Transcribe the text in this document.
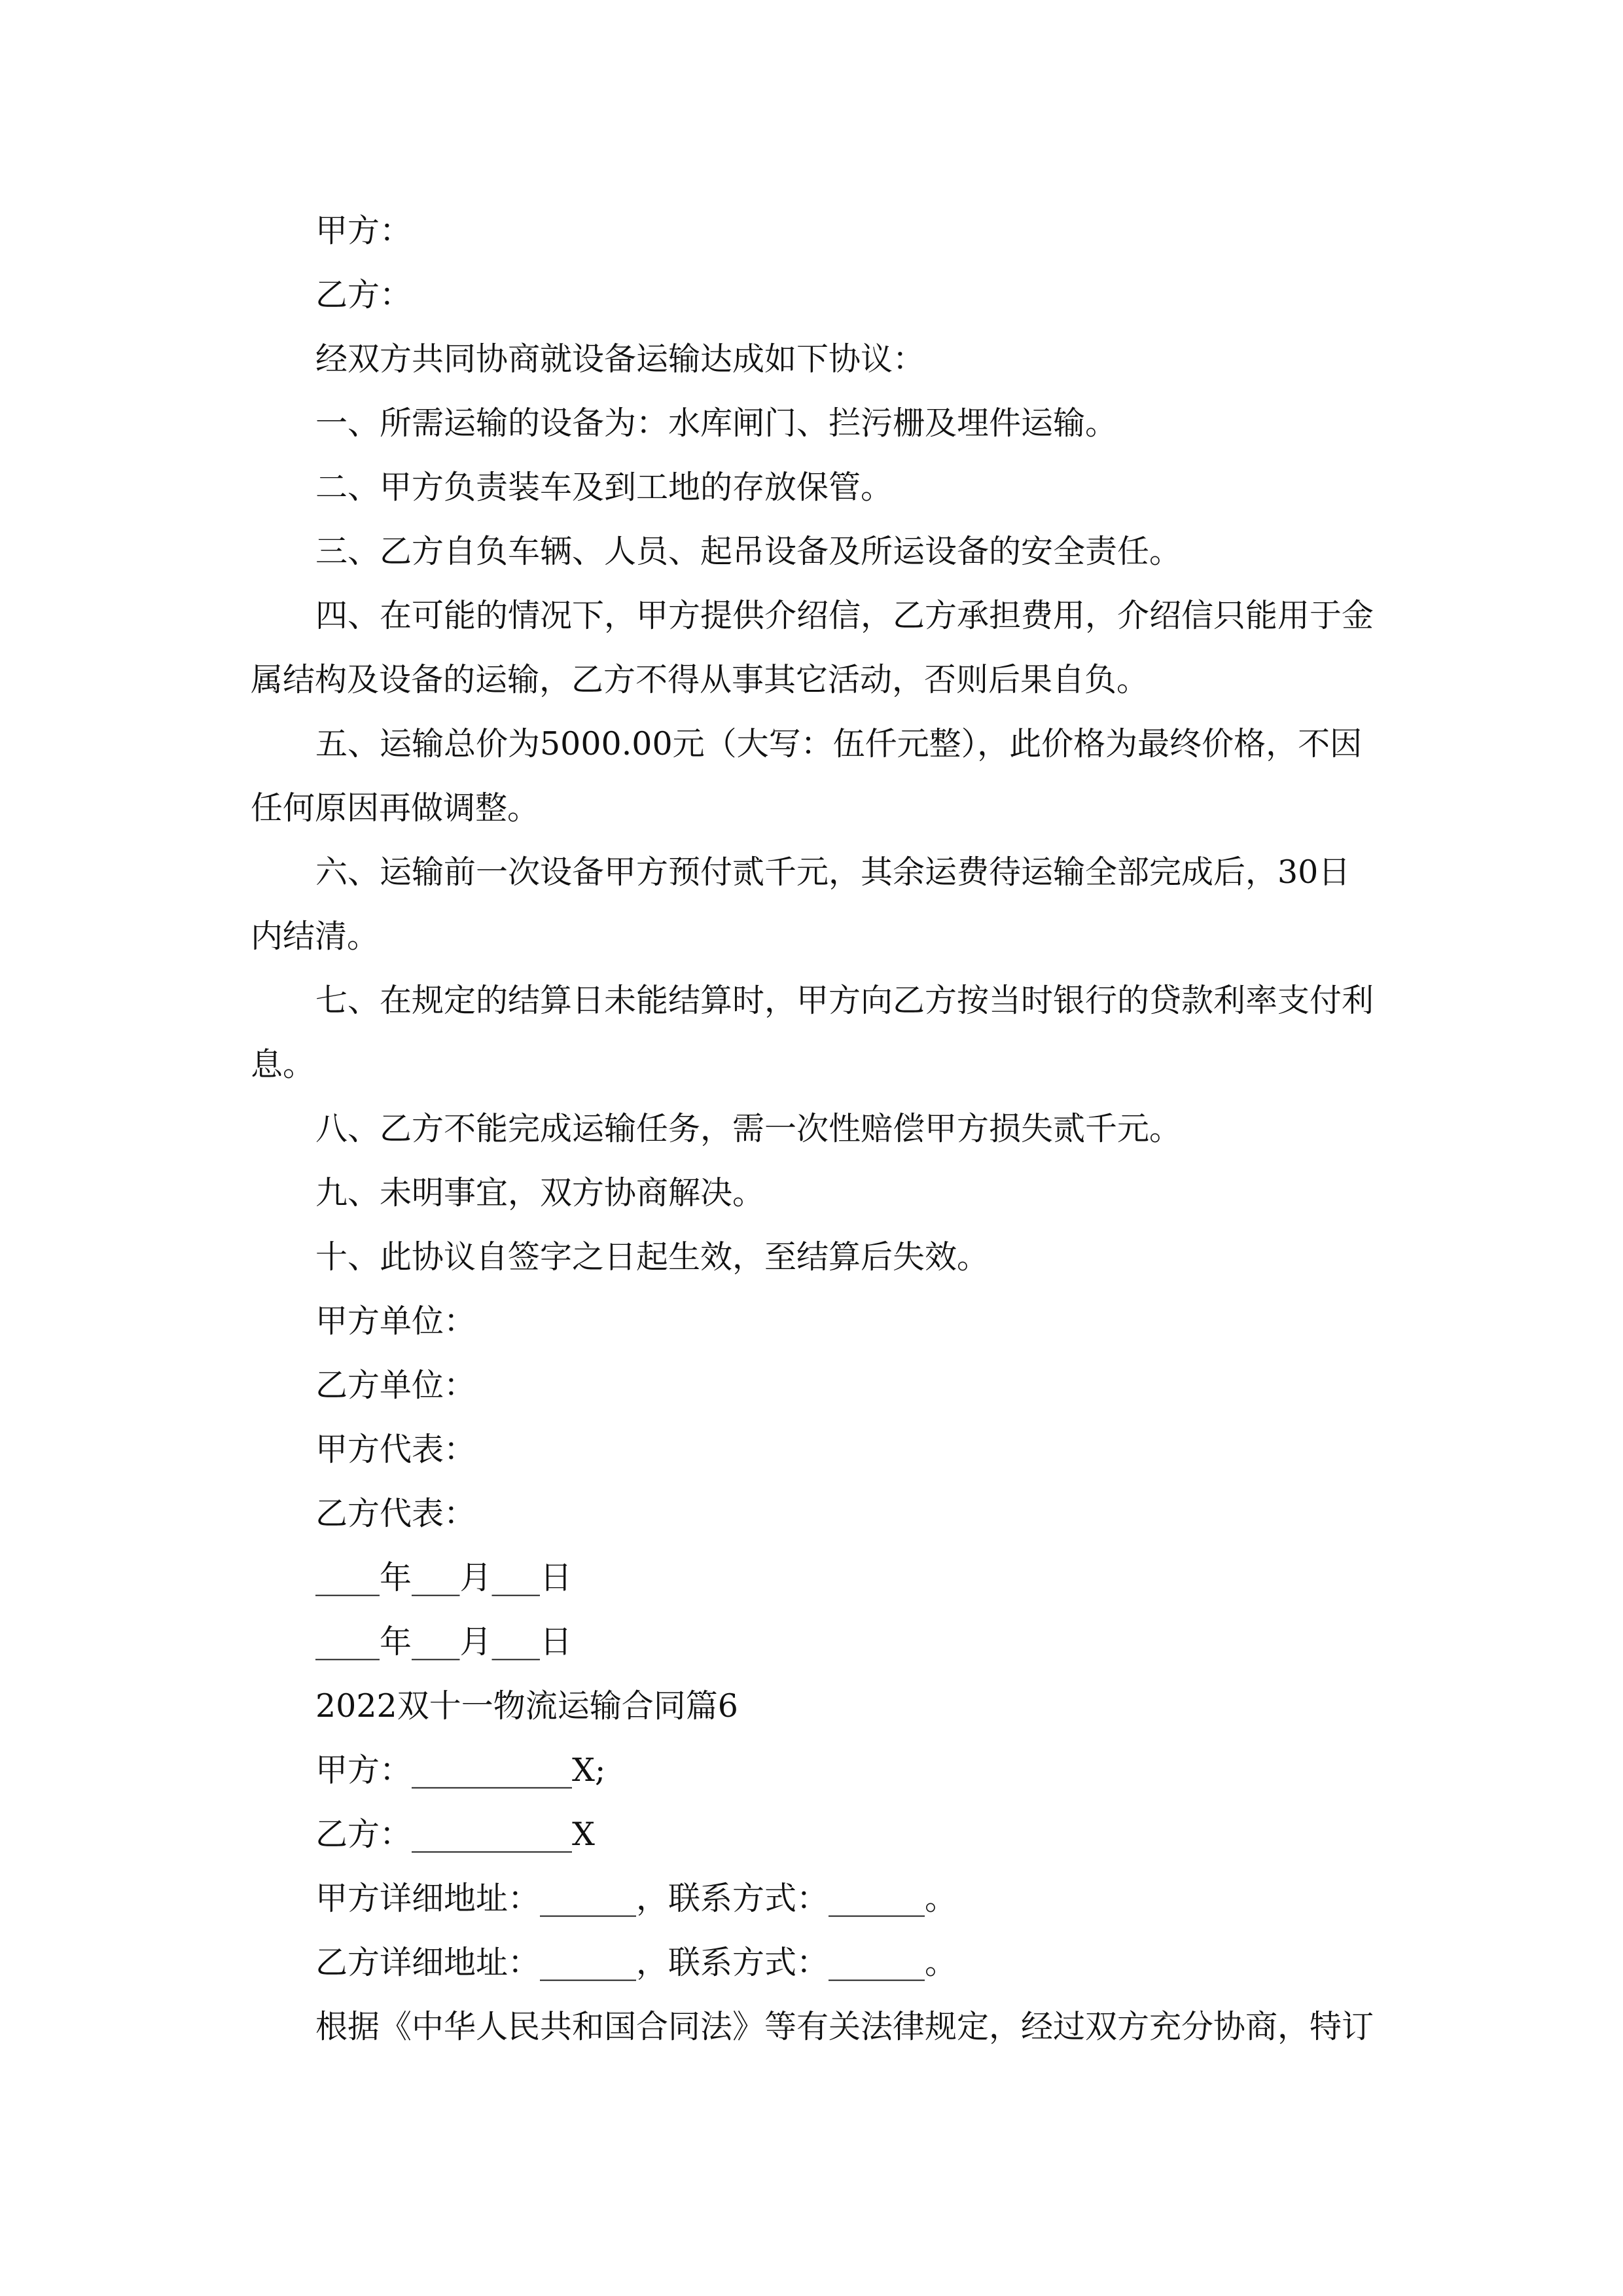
甲方：
乙方：
经双方共同协商就设备运输达成如下协议：
一、所需运输的设备为：水库闸门、拦污栅及埋件运输。
二、甲方负责装车及到工地的存放保管。
三、乙方自负车辆、人员、起吊设备及所运设备的安全责任。
四、在可能的情况下，甲方提供介绍信，乙方承担费用，介绍信只能用于金
属结构及设备的运输，乙方不得从事其它活动，否则后果自负。
五、运输总价为5000.00元（大写：伍仟元整），此价格为最终价格，不因
任何原因再做调整。
六、运输前一次设备甲方预付贰千元，其余运费待运输全部完成后，30日
内结清。
七、在规定的结算日未能结算时，甲方向乙方按当时银行的贷款利率支付利
息。
八、乙方不能完成运输任务，需一次性赔偿甲方损失贰千元。
九、未明事宜，双方协商解决。
十、此协议自签字之日起生效，至结算后失效。
甲方单位：
乙方单位：
甲方代表：
乙方代表：
____年___月___日
____年___月___日
2022双十一物流运输合同篇6
甲方：__________X;
乙方：__________X
甲方详细地址：______，联系方式：______。
乙方详细地址：______，联系方式：______。
根据《中华人民共和国合同法》等有关法律规定，经过双方充分协商，特订
